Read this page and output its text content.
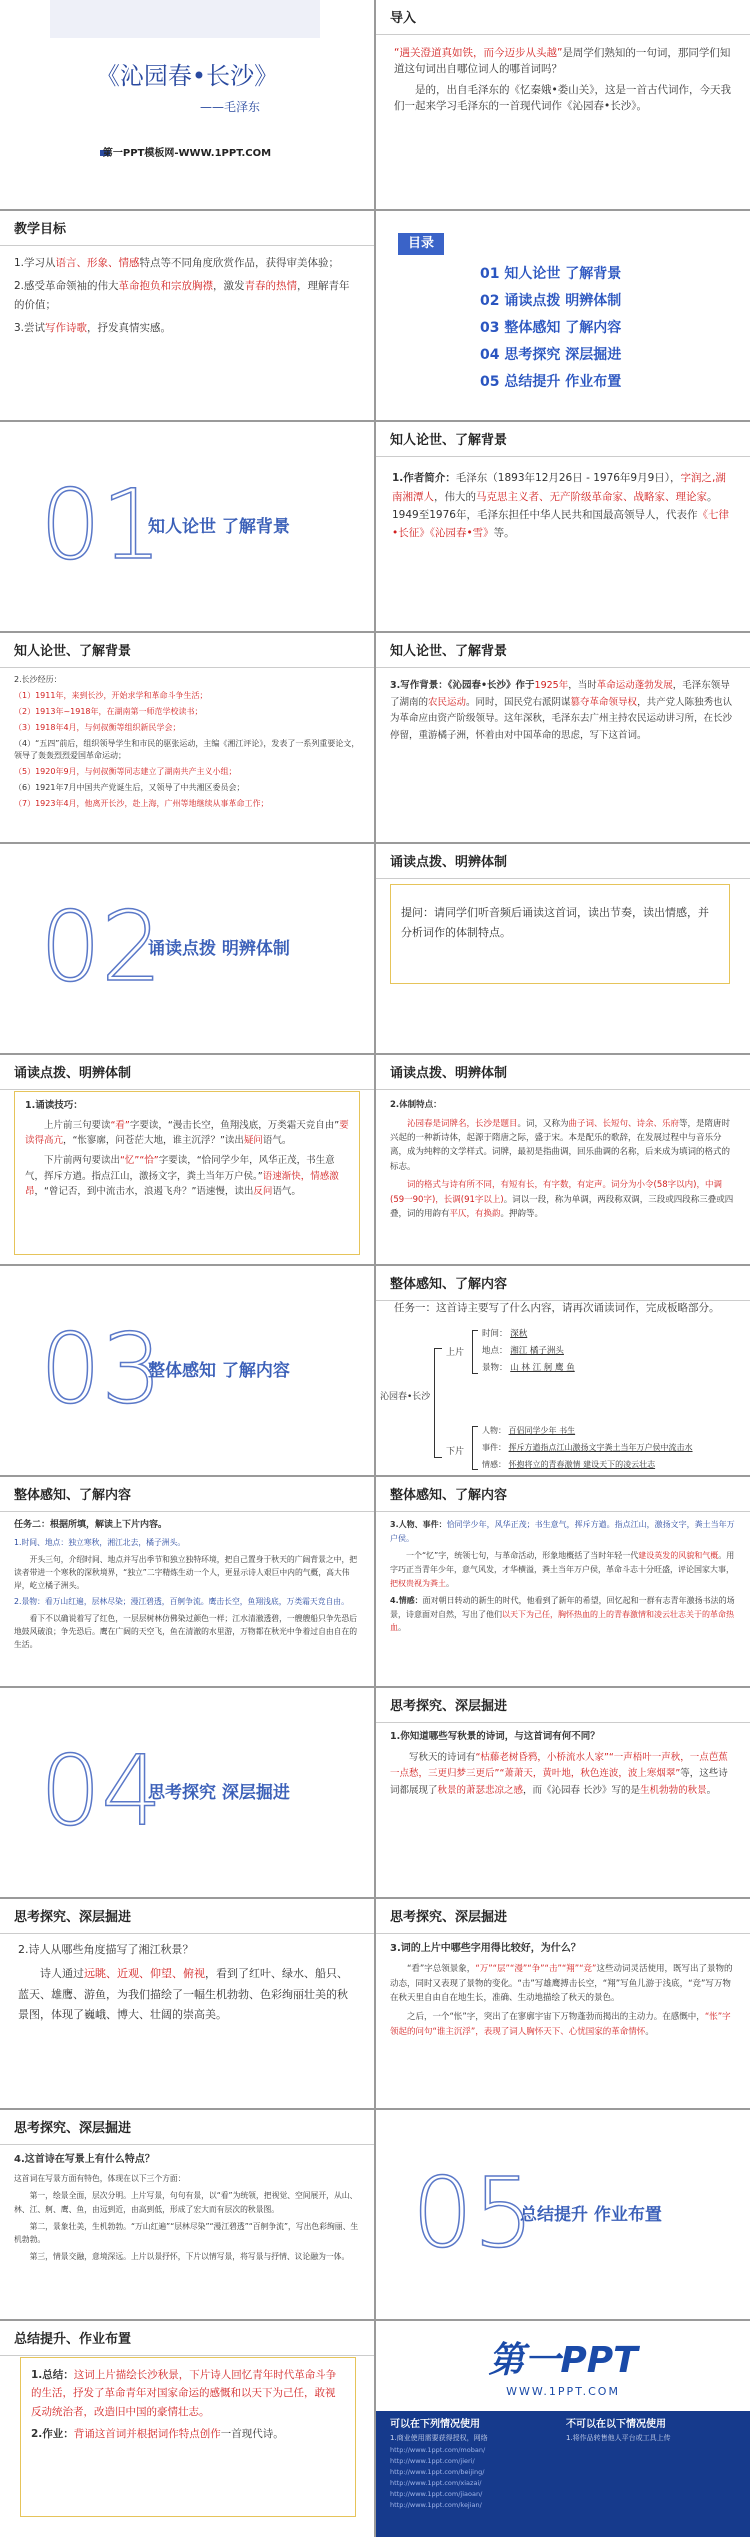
《沁园春•长沙》
——毛泽东
第一PPT模板网-WWW.1PPT.COM
导入

“遇关澄道真如铁，而今迈步从头越”是周学们熟知的一句词，那同学们知道这句词出自哪位词人的哪首词吗？

是的，出自毛泽东的《忆秦娥•娄山关》，这是一首古代词作，今天我们一起来学习毛泽东的一首现代词作《沁园春•长沙》。

教学目标

1.学习从语言、形象、情感特点等不同角度欣赏作品，获得审美体验；

2.感受革命领袖的伟大革命抱负和宗放胸襟，激发青春的热情，理解青年的价值；

3.尝试写作诗歌，抒发真情实感。

目录
01 知人论世 了解背景
02 诵读点拨 明辨体制
03 整体感知 了解内容
04 思考探究 深层掘进
05 总结提升 作业布置
01
知人论世 了解背景
知人论世、了解背景
1.作者简介：毛泽东（1893年12月26日 - 1976年9月9日），字润之,湖南湘潭人，伟大的马克思主义者、无产阶级革命家、战略家、理论家。1949至1976年，毛泽东担任中华人民共和国最高领导人，代表作《七律•长征》《沁园春•雪》等。
知人论世、了解背景

2.长沙经历：

（1）1911年，来到长沙，开始求学和革命斗争生活；

（2）1913年~1918年，在湖南第一师范学校读书；

（3）1918年4月，与何叔衡等组织新民学会；

（4）“五四”前后，组织领导学生和市民的驱张运动，主编《湘江评论》，发表了一系列重要论文，领导了轰轰烈烈爱国革命运动；

（5）1920年9月，与何叔衡等同志建立了湖南共产主义小组；

（6）1921年7月中国共产党诞生后，又领导了中共湘区委员会；

（7）1923年4月，他离开长沙，赴上海，广州等地继续从事革命工作；

知人论世、了解背景
3.写作背景：《沁园春•长沙》作于1925年，当时革命运动蓬勃发展，毛泽东领导了湖南的农民运动。同时，国民党右派阴谋篡夺革命领导权，共产党人陈独秀也认为革命应由资产阶级领导。这年深秋，毛泽东去广州主持农民运动讲习所，在长沙停留，重游橘子洲，怀着由对中国革命的思虑，写下这首词。
02
诵读点拨 明辨体制
诵读点拨、明辨体制
提问：请同学们听音频后诵读这首词，读出节奏，读出情感，并分析词作的体制特点。
诵读点拨、明辨体制

1.诵读技巧：

上片前三句要读“看”字要读，“漫击长空，鱼翔浅底，万类霜天竞自由”要读得高亢，“怅寥廓，问苍茫大地，谁主沉浮？”读出疑问语气。

下片前两句要读出“忆”“恰”字要读，“恰同学少年，风华正茂，书生意气，挥斥方遒。指点江山，激扬文字，粪土当年万户侯。”语速渐快，情感激昂，“曾记否，到中流击水，浪遏飞舟？”语速慢，读出反问语气。

诵读点拨、明辨体制

2.体制特点：

沁园春是词牌名，长沙是题目。词，又称为曲子词、长短句、诗余、乐府等，是隋唐时兴起的一种新诗体，起源于隋唐之际，盛于宋。本是配乐的歌辞，在发展过程中与音乐分离，成为纯粹的文学样式。词牌，最初是指曲调，回乐曲调的名称，后来成为填词的格式的标志。

词的格式与诗有所不同，有短有长，有字数，有定声。词分为小令(58字以内)，中调(59一90字)，长调(91字以上)。词以一段，称为单调，两段称双调，三段或四段称三叠或四叠，词的用韵有平仄，有换韵。押韵等。

03
整体感知 了解内容
整体感知、了解内容
任务一：这首诗主要写了什么内容，请再次诵读词作，完成板略部分。
沁园春•长沙
上片
下片
时间： 深秋
地点： 湘江 橘子洲头
景物： 山 林 江 舸 鹰 鱼
人物： 百侣同学少年 书生
事件： 挥斥方遒指点江山激扬文字粪土当年万户侯中流击水
情感： 怀抱将立的青春激情 建设天下的凌云壮志
整体感知、了解内容

任务二：根据所填，解读上下片内容。

1.时间、地点：独立寒秋，湘江北去，橘子洲头。

开头三句，介绍时间、地点并写出季节和独立独特环境，把自己置身于秋天的广阔背景之中，把读者带进一个寒秋的深秋境界，“独立”二字精炼生动一个人，更显示诗人艰巨中内的气概，高大伟岸，屹立橘子洲头。

2.景物：看万山红遍，层林尽染；漫江碧透，百舸争流。鹰击长空，鱼翔浅底，万类霜天竞自由。

看下不以确说着写了红色，一层层树林仿佛染过颜色一样；江水清澈透碧，一艘艘船只争先恐后地鼓风破浪；争先恐后。鹰在广阔的天空飞，鱼在清澈的水里游，万物都在秋光中争着过自由自在的生活。

整体感知、了解内容

3.人物、事件：恰同学少年，风华正茂；书生意气，挥斥方遒。指点江山，激扬文字，粪土当年万户侯。

一个“忆”字，统领七句，与革命活动，形象地概括了当时年轻一代建设英发的风貌和气概。用字巧正当青年少年，意气风发，才华横溢，粪土当年万户侯，革命斗志十分旺盛，评论国家大事，把权贵视为粪土。

4.情感：面对朝日转动的新生的时代，他看到了新年的希望，回忆起和一群有志青年激扬书法的场景，诗意面对自然，写出了他们以天下为己任，胸怀热血的上的青春激情和凌云壮志关于的革命热血。

04
思考探究 深层掘进
思考探究、深层掘进

1.你知道哪些写秋景的诗词，与这首词有何不同？

写秋天的诗词有“枯藤老树昏鸦，小桥流水人家”“一声梧叶一声秋，一点芭蕉一点愁，三更归梦三更后”“萧萧天，黄叶地，秋色连波，波上寒烟翠”等，这些诗词都展现了秋景的萧瑟悲凉之感，而《沁园春 长沙》写的是生机勃勃的秋景。

思考探究、深层掘进

2.诗人从哪些角度描写了湘江秋景？

诗人通过远眺、近观、仰望、俯视，看到了红叶、绿水、船只、蓝天、雄鹰、游鱼，为我们描绘了一幅生机勃勃、色彩绚丽壮美的秋景图，体现了巍峨、博大、壮阔的崇高美。

思考探究、深层掘进

3.词的上片中哪些字用得比较好，为什么？

“看”字总领景象，“万”“层”“漫”“争”“击”“翔”“竞”这些动词灵活使用，既写出了景物的动态，同时又表现了景物的变化。“击”写雄鹰搏击长空，“翔”写鱼儿游于浅底，“竞”写万物在秋天里自由自在地生长，准确、生动地描绘了秋天的景色。

之后，一个“怅”字，突出了在寥廓宇宙下万物蓬勃而揭出的主动力。在感慨中，“怅”字领起的问句“谁主沉浮”，表现了词人胸怀天下、心忧国家的革命情怀。

思考探究、深层掘进

4.这首诗在写景上有什么特点？

这首词在写景方面有特色，体现在以下三个方面：

第一，绘景全面，层次分明。上片写景，句句有景，以“看”为统领，把视觉、空间展开，从山、林、江、舸、鹰、鱼，由远到近，由高到低，形成了宏大而有层次的秋景图。

第二，景象壮美，生机勃勃。“万山红遍”“层林尽染”“漫江碧透”“百舸争流”，写出色彩绚丽、生机勃勃。

第三，情景交融，意境深远。上片以景抒怀，下片以情写景，将写景与抒情、议论融为一体。 05
总结提升 作业布置
总结提升、作业布置

1.总结：这词上片描绘长沙秋景，下片诗人回忆青年时代革命斗争的生活，抒发了革命青年对国家命运的感慨和以天下为己任，敢视反动统治者，改造旧中国的豪情壮志。

2.作业：背诵这首词并根据词作特点创作一首现代诗。

第一PPT
WWW.1PPT.COM
可以在下列情况使用	不可以在以下情况使用
1.商业使用需要获得授权，网络	1.将作品转售他人平台或工具上传
http://www.1ppt.com/moban/
http://www.1ppt.com/jieri/
http://www.1ppt.com/beijing/
http://www.1ppt.com/xiazai/
http://www.1ppt.com/jiaoan/
http://www.1ppt.com/kejian/
